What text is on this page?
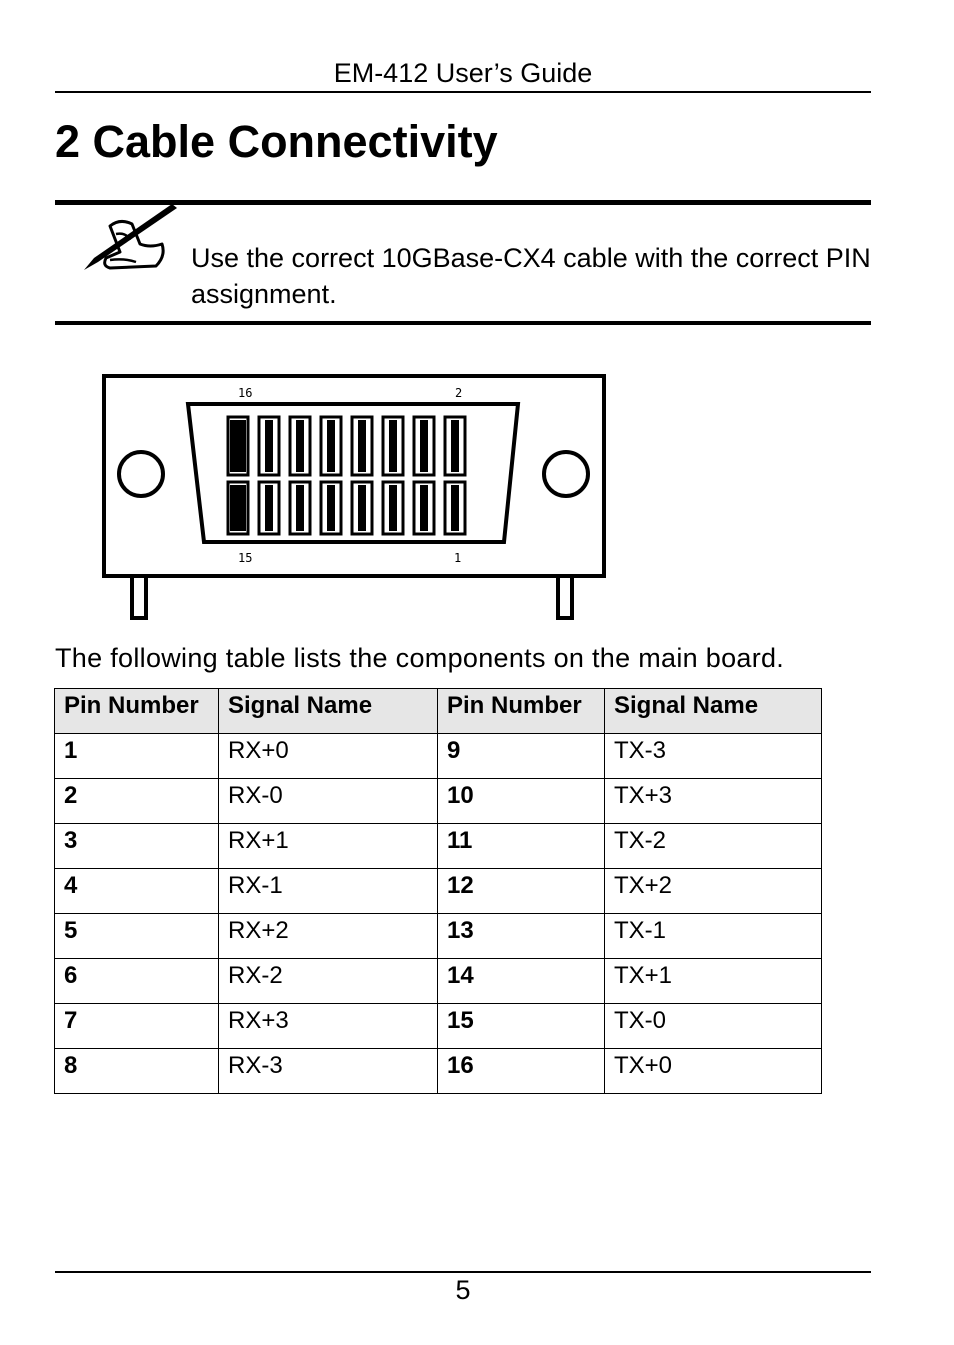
EM-412 User’s Guide
2 Cable Connectivity
Use the correct 10GBase-CX4 cable with the correct PIN assignment.
16	2
15	1
The following table lists the components on the main board.
Pin Number	Signal Name	Pin Number	Signal Name
1	RX+0	9	TX-3
2	RX-0	10	TX+3
3	RX+1	11	TX-2
4	RX-1	12	TX+2
5	RX+2	13	TX-1
6	RX-2	14	TX+1
7	RX+3	15	TX-0
8	RX-3	16	TX+0
5
